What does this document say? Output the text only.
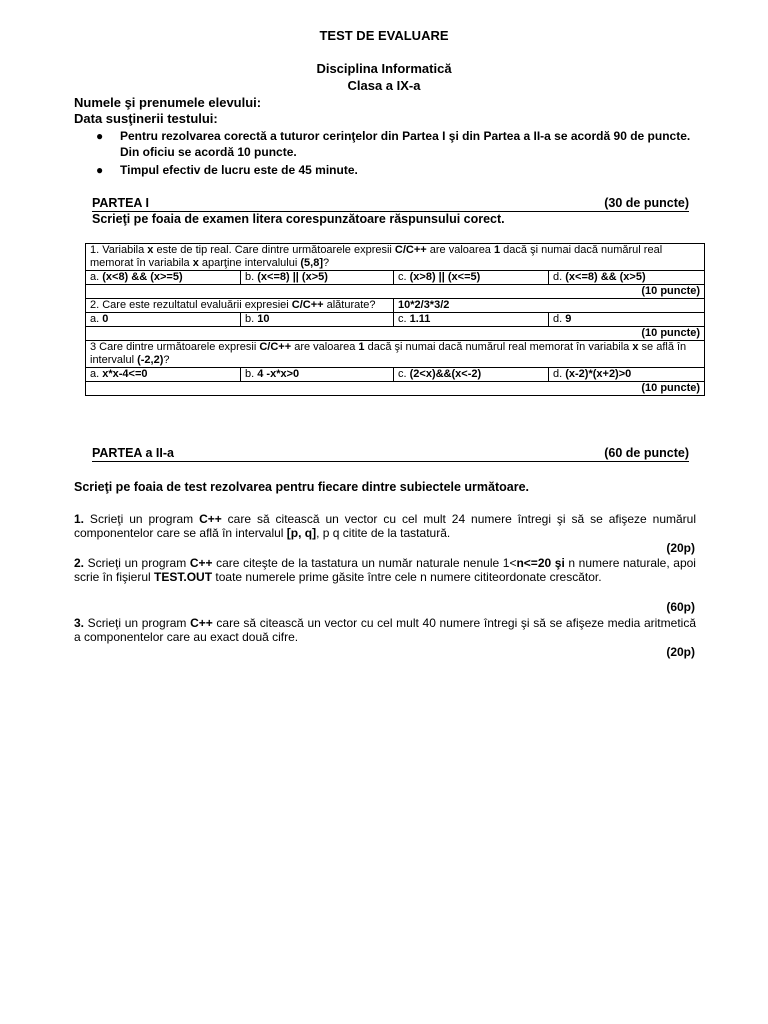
TEST DE EVALUARE
Disciplina Informatică
Clasa a IX-a
Numele şi prenumele elevului:
Data susţinerii testului:
● Pentru rezolvarea corectă a tuturor cerinţelor din Partea I şi din Partea a II-a se acordă 90 de puncte. Din oficiu se acordă 10 puncte.
● Timpul efectiv de lucru este de 45 minute.
PARTEA I	(30 de puncte)
Scrieţi pe foaia de examen litera corespunzătoare răspunsului corect.
1. Variabila x este de tip real. Care dintre următoarele expresii C/C++ are valoarea 1 dacă şi numai dacă numărul real memorat în variabila x aparţine intervalului (5,8]?			
a. (x<8) && (x>=5)	b. (x<=8) || (x>5)	c. (x>8) || (x<=5)	d. (x<=8) && (x>5)
(10 puncte)			
2. Care este rezultatul evaluării expresiei C/C++ alăturate?		10*2/3*3/2	
a. 0	b. 10	c. 1.11	d. 9
(10 puncte)			
3 Care dintre următoarele expresii C/C++ are valoarea 1 dacă şi numai dacă numărul real memorat în variabila x se află în intervalul (-2,2)?			
a. x*x-4<=0	b. 4 -x*x>0	c. (2<x)&&(x<-2)	d. (x-2)*(x+2)>0
(10 puncte)			
PARTEA a II-a	(60 de puncte)
Scrieţi pe foaia de test rezolvarea pentru fiecare dintre subiectele următoare.
1. Scrieţi un program C++ care să citească un vector cu cel mult 24 numere întregi şi să se afişeze numărul componentelor care se află în intervalul [p, q], p q citite de la tastatură.
(20p)
2. Scrieţi un program C++ care citeşte de la tastatura un număr naturale nenule 1<n<=20 şi n numere naturale, apoi scrie în fişierul TEST.OUT toate numerele prime găsite între cele n numere cititeordonate crescător.
(60p)
3. Scrieţi un program C++ care să citească un vector cu cel mult 40 numere întregi şi să se afişeze media aritmetică a componentelor care au exact două cifre.
(20p)
